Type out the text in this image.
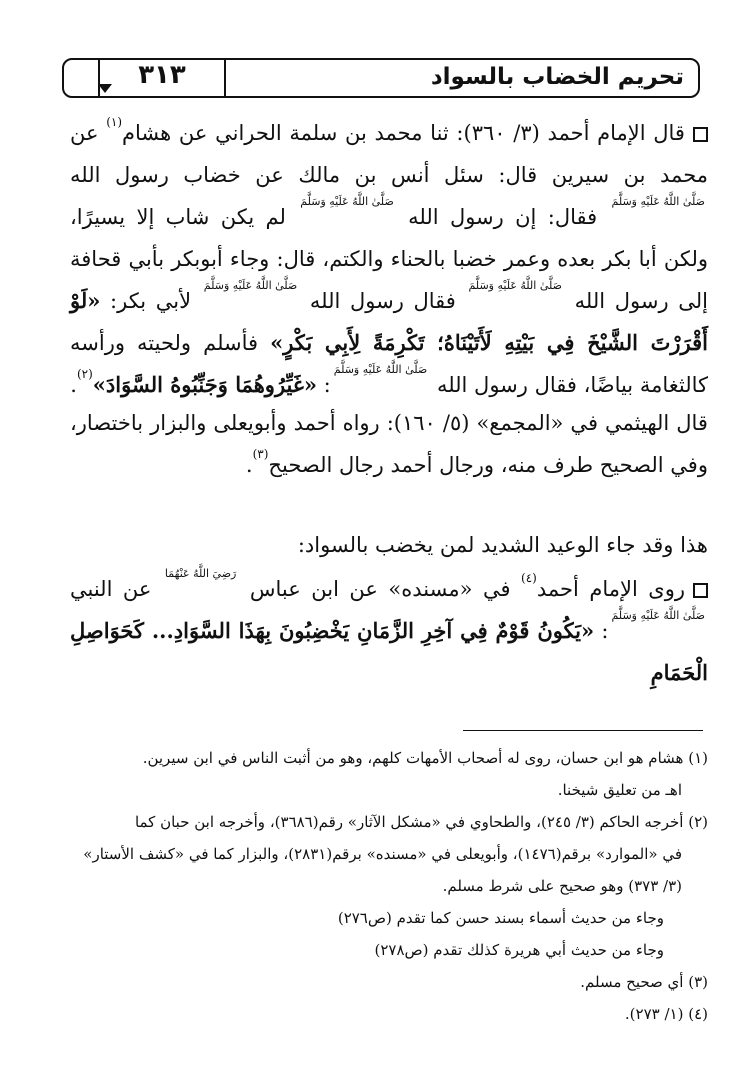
تحريم الخضاب بالسواد
٣١٣

قال الإمام أحمد (٣/ ٣٦٠): ثنا محمد بن سلمة الحراني عن هشام$^{(١)}$ عن محمد بن سيرين قال: سئل أنس بن مالك عن خضاب رسول الله صَلَّىٰ اللَّهُ عَلَيْهِ وَسَلَّمَ فقال: إن رسول الله صَلَّىٰ اللَّهُ عَلَيْهِ وَسَلَّمَ لم يكن شاب إلا يسيرًا، ولكن أبا بكر بعده وعمر خضبا بالحناء والكتم، قال: وجاء أبوبكر بأبي قحافة إلى رسول الله صَلَّىٰ اللَّهُ عَلَيْهِ وَسَلَّمَ فقال رسول الله صَلَّىٰ اللَّهُ عَلَيْهِ وَسَلَّمَ لأبي بكر: «لَوْ أَقْرَرْتَ الشَّيْخَ فِي بَيْتِهِ لَأَتَيْنَاهُ؛ تَكْرِمَةً لِأَبِي بَكْرٍ» فأسلم ولحيته ورأسه كالثغامة بياضًا، فقال رسول الله صَلَّىٰ اللَّهُ عَلَيْهِ وَسَلَّمَ: «غَيِّرُوهُمَا وَجَنِّبُوهُ السَّوَادَ»$^{(٢)}$.

قال الهيثمي في «المجمع» (٥/ ١٦٠): رواه أحمد وأبويعلى والبزار باختصار، وفي الصحيح طرف منه، ورجال أحمد رجال الصحيح$^{(٣)}$.

هذا وقد جاء الوعيد الشديد لمن يخضب بالسواد:

روى الإمام أحمد$^{(٤)}$ في «مسنده» عن ابن عباس رَضِيَ اللَّهُ عَنْهُمَا عن النبي صَلَّىٰ اللَّهُ عَلَيْهِ وَسَلَّمَ: «يَكُونُ قَوْمٌ فِي آخِرِ الزَّمَانِ يَخْضِبُونَ بِهَذَا السَّوَادِ... كَحَوَاصِلِ الْحَمَامِ

(١) هشام هو ابن حسان، روى له أصحاب الأمهات كلهم، وهو من أثبت الناس في ابن سيرين.

اهـ من تعليق شيخنا.

(٢) أخرجه الحاكم (٣/ ٢٤٥)، والطحاوي في «مشكل الآثار» رقم(٣٦٨٦)، وأخرجه ابن حبان كما

في «الموارد» برقم(١٤٧٦)، وأبويعلى في «مسنده» برقم(٢٨٣١)، والبزار كما في «كشف الأستار»

(٣/ ٣٧٣) وهو صحيح على شرط مسلم.

وجاء من حديث أسماء بسند حسن كما تقدم (ص٢٧٦)

وجاء من حديث أبي هريرة كذلك تقدم (ص٢٧٨)

(٣) أي صحيح مسلم.

(٤) (١/ ٢٧٣).
